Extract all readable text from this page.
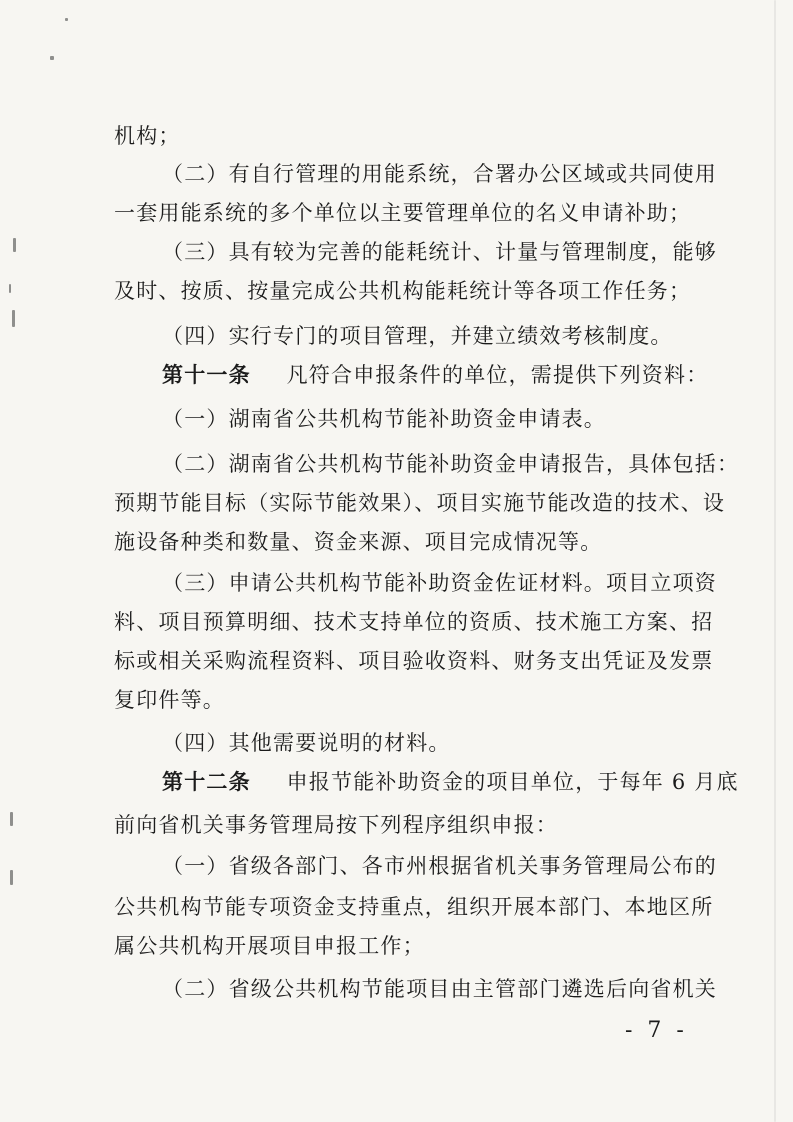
机构；
（二）有自行管理的用能系统，合署办公区域或共同使用
一套用能系统的多个单位以主要管理单位的名义申请补助；
（三）具有较为完善的能耗统计、计量与管理制度，能够
及时、按质、按量完成公共机构能耗统计等各项工作任务；
（四）实行专门的项目管理，并建立绩效考核制度。
第十一条 凡符合申报条件的单位，需提供下列资料：
（一）湖南省公共机构节能补助资金申请表。
（二）湖南省公共机构节能补助资金申请报告，具体包括：
预期节能目标（实际节能效果）、项目实施节能改造的技术、设
施设备种类和数量、资金来源、项目完成情况等。
（三）申请公共机构节能补助资金佐证材料。项目立项资
料、项目预算明细、技术支持单位的资质、技术施工方案、招
标或相关采购流程资料、项目验收资料、财务支出凭证及发票
复印件等。
（四）其他需要说明的材料。
第十二条 申报节能补助资金的项目单位，于每年 6 月底
前向省机关事务管理局按下列程序组织申报：
（一）省级各部门、各市州根据省机关事务管理局公布的
公共机构节能专项资金支持重点，组织开展本部门、本地区所
属公共机构开展项目申报工作；
（二）省级公共机构节能项目由主管部门遴选后向省机关
- 7 -
